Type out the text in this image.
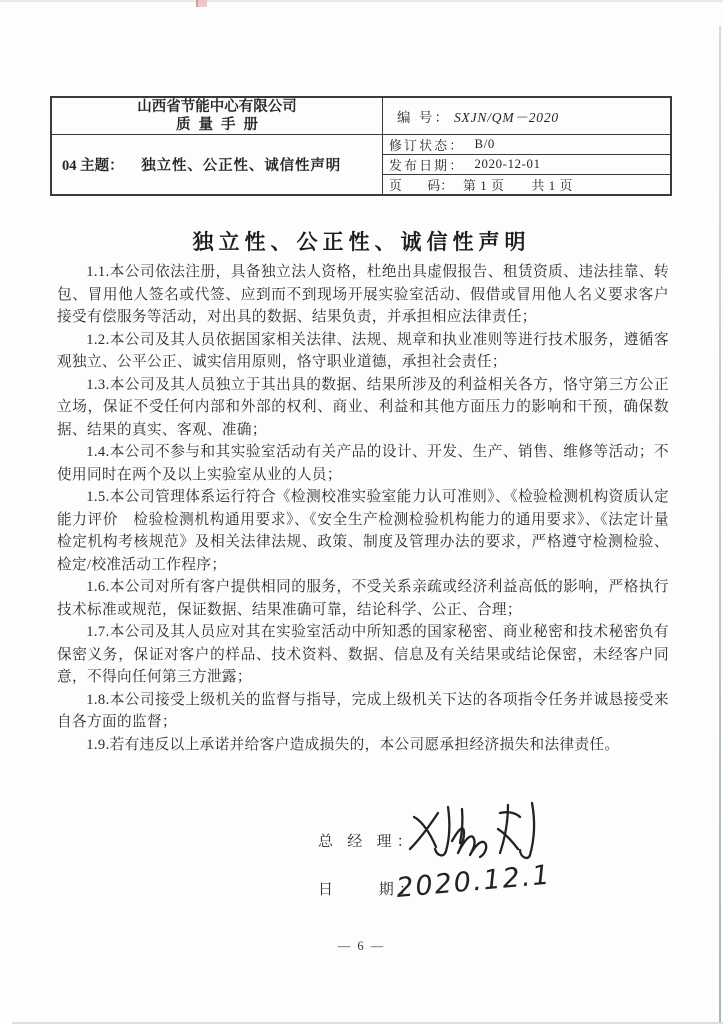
山西省节能中心有限公司
质量手册	编 号： SXJN/QM－2020
04 主题： 独立性、公正性、诚信性声明	
修订状态： B/0
发布日期： 2020-12-01
页　　码： 第 1 页　　共 1 页
独立性、公正性、诚信性声明

1.1.本公司依法注册，具备独立法人资格，杜绝出具虚假报告、租赁资质、违法挂靠、转包、冒用他人签名或代签、应到而不到现场开展实验室活动、假借或冒用他人名义要求客户接受有偿服务等活动，对出具的数据、结果负责，并承担相应法律责任；

1.2.本公司及其人员依据国家相关法律、法规、规章和执业准则等进行技术服务，遵循客观独立、公平公正、诚实信用原则，恪守职业道德，承担社会责任；

1.3.本公司及其人员独立于其出具的数据、结果所涉及的利益相关各方，恪守第三方公正立场，保证不受任何内部和外部的权利、商业、利益和其他方面压力的影响和干预，确保数据、结果的真实、客观、准确；

1.4.本公司不参与和其实验室活动有关产品的设计、开发、生产、销售、维修等活动；不使用同时在两个及以上实验室从业的人员；

1.5.本公司管理体系运行符合《检测校准实验室能力认可准则》、《检验检测机构资质认定能力评价　检验检测机构通用要求》、《安全生产检测检验机构能力的通用要求》、《法定计量检定机构考核规范》及相关法律法规、政策、制度及管理办法的要求，严格遵守检测检验、检定/校准活动工作程序；

1.6.本公司对所有客户提供相同的服务，不受关系亲疏或经济利益高低的影响，严格执行技术标准或规范，保证数据、结果准确可靠，结论科学、公正、合理；

1.7.本公司及其人员应对其在实验室活动中所知悉的国家秘密、商业秘密和技术秘密负有保密义务，保证对客户的样品、技术资料、数据、信息及有关结果或结论保密，未经客户同意，不得向任何第三方泄露；

1.8.本公司接受上级机关的监督与指导，完成上级机关下达的各项指令任务并诚恳接受来自各方面的监督；

1.9.若有违反以上承诺并给客户造成损失的，本公司愿承担经济损失和法律责任。

总 经 理：
日　　期：
2020.12.1
— 6 —
